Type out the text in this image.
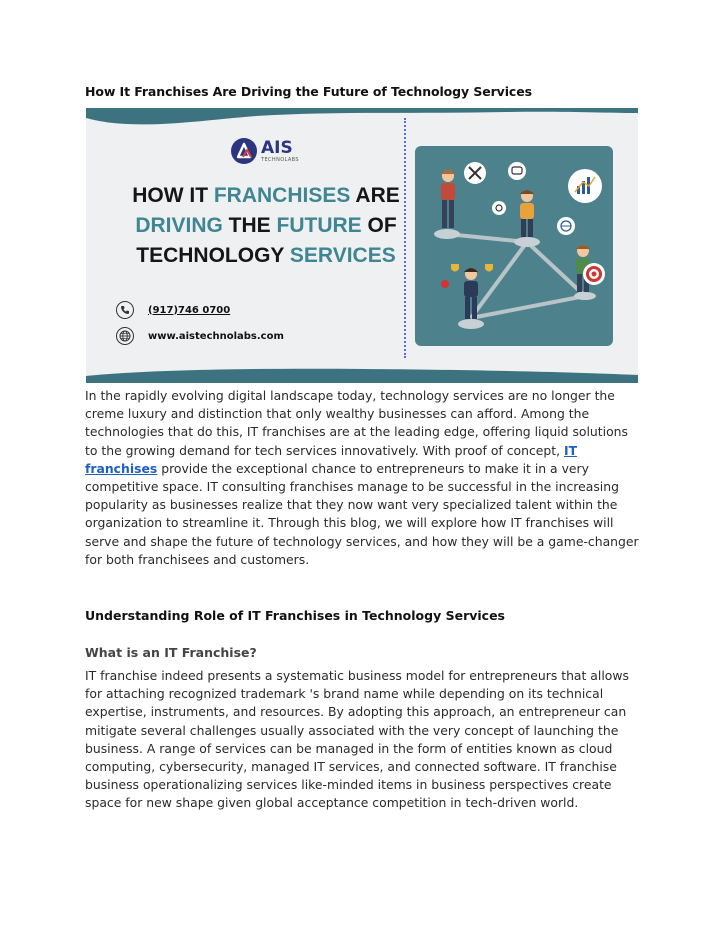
How It Franchises Are Driving the Future of Technology Services
AIS
TECHNOLABS
HOW IT FRANCHISES ARE
DRIVING THE FUTURE OF
TECHNOLOGY SERVICES
(917)746 0700
www.aistechnolabs.com
In the rapidly evolving digital landscape today, technology services are no longer the creme luxury and distinction that only wealthy businesses can afford. Among the technologies that do this, IT franchises are at the leading edge, offering liquid solutions to the growing demand for tech services innovatively. With proof of concept, IT franchises provide the exceptional chance to entrepreneurs to make it in a very competitive space. IT consulting franchises manage to be successful in the increasing popularity as businesses realize that they now want very specialized talent within the organization to streamline it. Through this blog, we will explore how IT franchises will serve and shape the future of technology services, and how they will be a game-changer for both franchisees and customers.
Understanding Role of IT Franchises in Technology Services
What is an IT Franchise?
IT franchise indeed presents a systematic business model for entrepreneurs that allows for attaching recognized trademark 's brand name while depending on its technical expertise, instruments, and resources. By adopting this approach, an entrepreneur can mitigate several challenges usually associated with the very concept of launching the business. A range of services can be managed in the form of entities known as cloud computing, cybersecurity, managed IT services, and connected software. IT franchise business operationalizing services like-minded items in business perspectives create space for new shape given global acceptance competition in tech-driven world.
